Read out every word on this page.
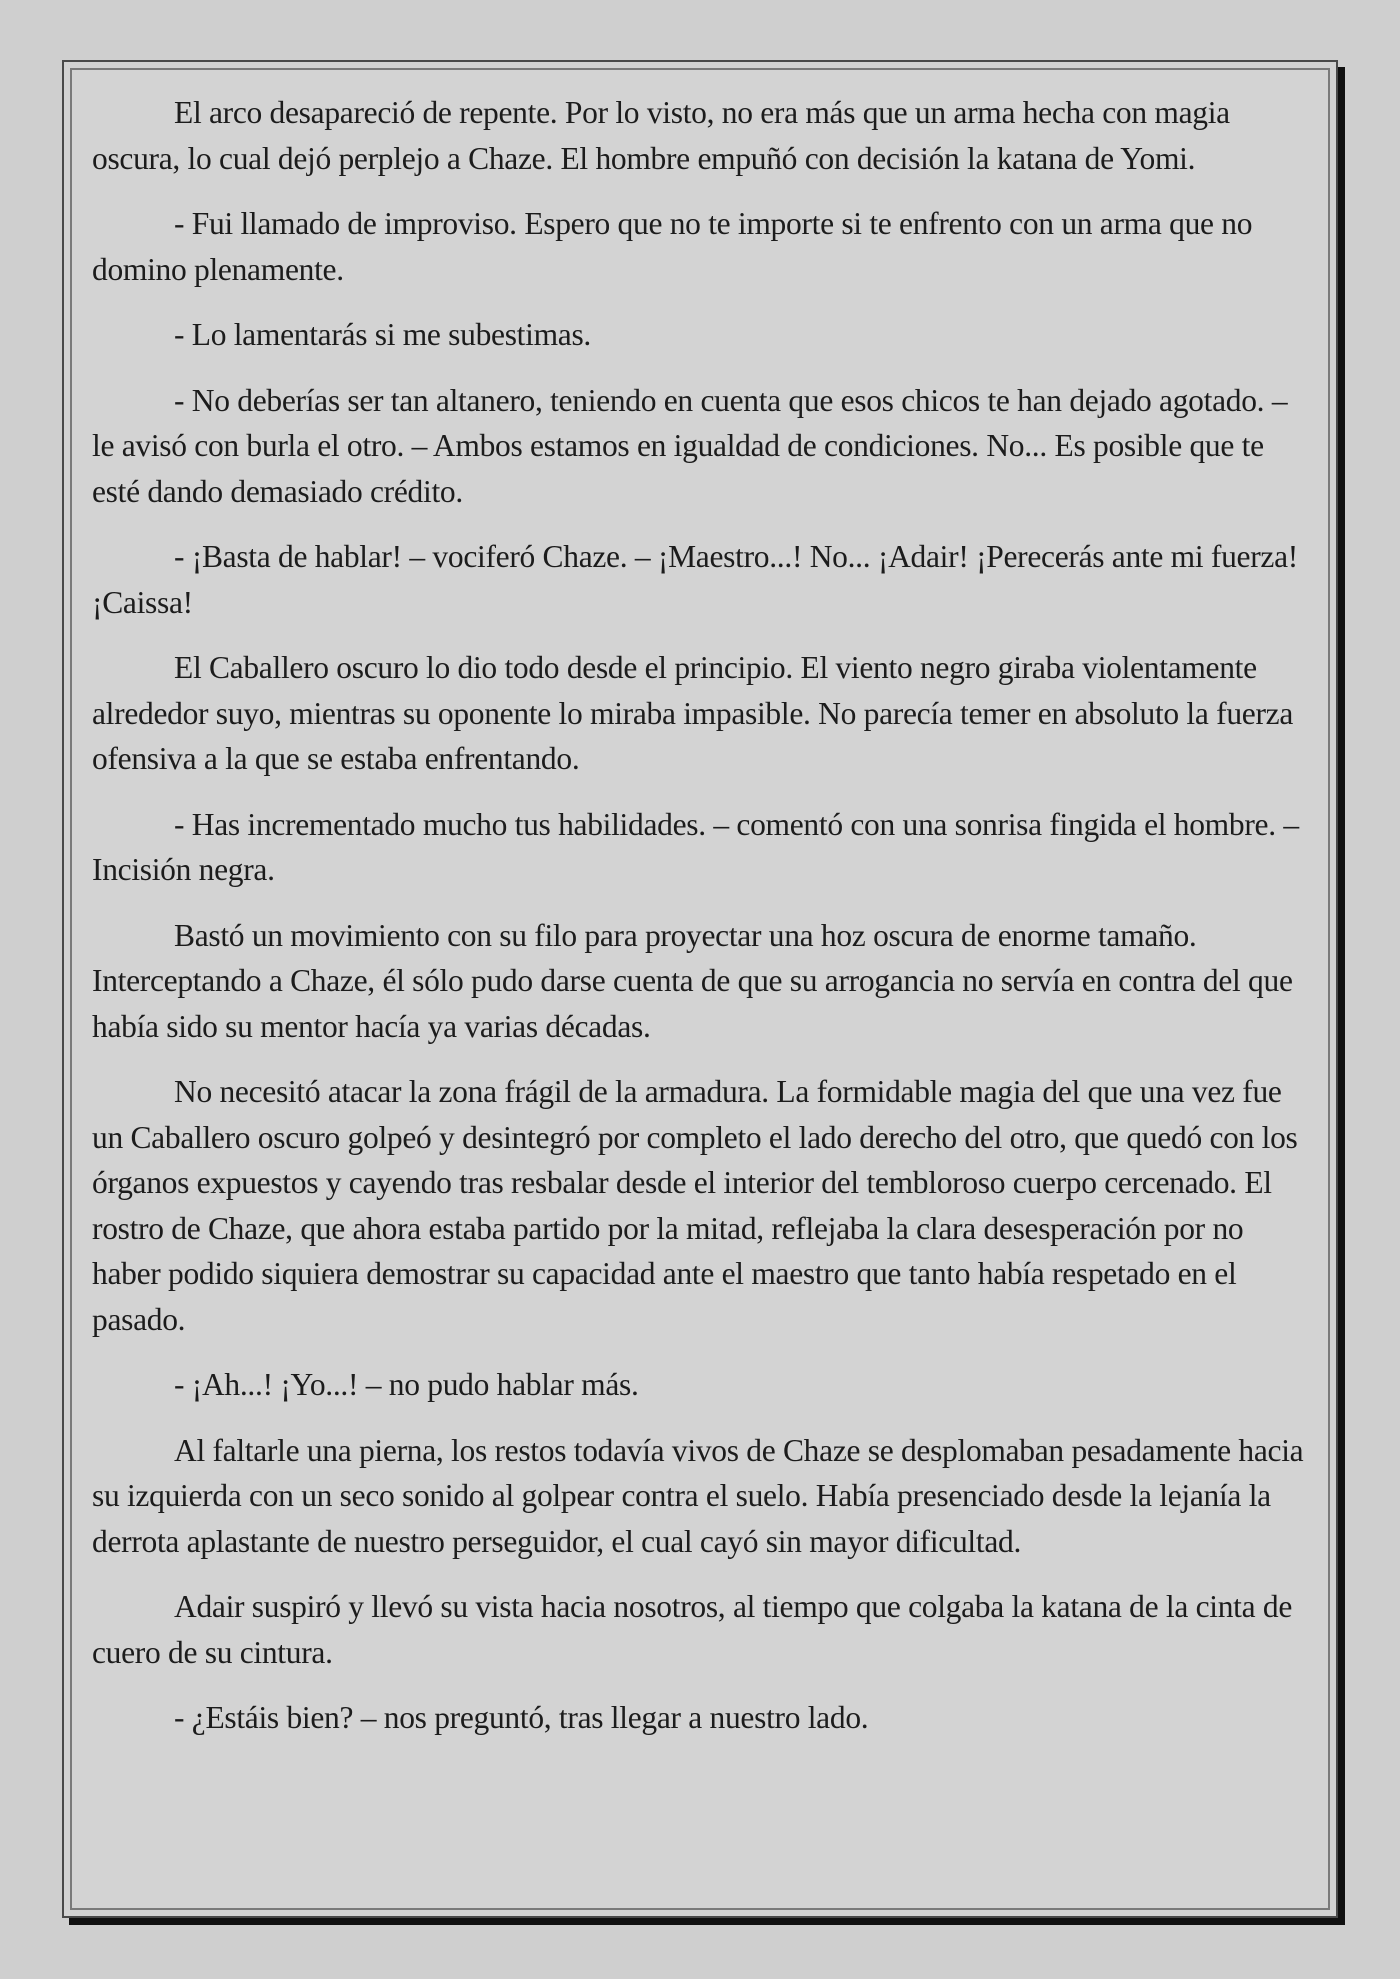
El arco desapareció de repente. Por lo visto, no era más que un arma hecha con magia oscura, lo cual dejó perplejo a Chaze. El hombre empuñó con decisión la katana de Yomi.

- Fui llamado de improviso. Espero que no te importe si te enfrento con un arma que no domino plenamente.

- Lo lamentarás si me subestimas.

- No deberías ser tan altanero, teniendo en cuenta que esos chicos te han dejado agotado. – le avisó con burla el otro. – Ambos estamos en igualdad de condiciones. No... Es posible que te esté dando demasiado crédito.

- ¡Basta de hablar! – vociferó Chaze. – ¡Maestro...! No... ¡Adair! ¡Perecerás ante mi fuerza! ¡Caissa!

El Caballero oscuro lo dio todo desde el principio. El viento negro giraba violentamente alrededor suyo, mientras su oponente lo miraba impasible. No parecía temer en absoluto la fuerza ofensiva a la que se estaba enfrentando.

- Has incrementado mucho tus habilidades. – comentó con una sonrisa fingida el hombre. – Incisión negra.

Bastó un movimiento con su filo para proyectar una hoz oscura de enorme tamaño. Interceptando a Chaze, él sólo pudo darse cuenta de que su arrogancia no servía en contra del que había sido su mentor hacía ya varias décadas.

No necesitó atacar la zona frágil de la armadura. La formidable magia del que una vez fue un Caballero oscuro golpeó y desintegró por completo el lado derecho del otro, que quedó con los órganos expuestos y cayendo tras resbalar desde el interior del tembloroso cuerpo cercenado. El rostro de Chaze, que ahora estaba partido por la mitad, reflejaba la clara desesperación por no haber podido siquiera demostrar su capacidad ante el maestro que tanto había respetado en el pasado.

- ¡Ah...! ¡Yo...! – no pudo hablar más.

Al faltarle una pierna, los restos todavía vivos de Chaze se desplomaban pesadamente hacia su izquierda con un seco sonido al golpear contra el suelo. Había presenciado desde la lejanía la derrota aplastante de nuestro perseguidor, el cual cayó sin mayor dificultad.

Adair suspiró y llevó su vista hacia nosotros, al tiempo que colgaba la katana de la cinta de cuero de su cintura.

- ¿Estáis bien? – nos preguntó, tras llegar a nuestro lado.
